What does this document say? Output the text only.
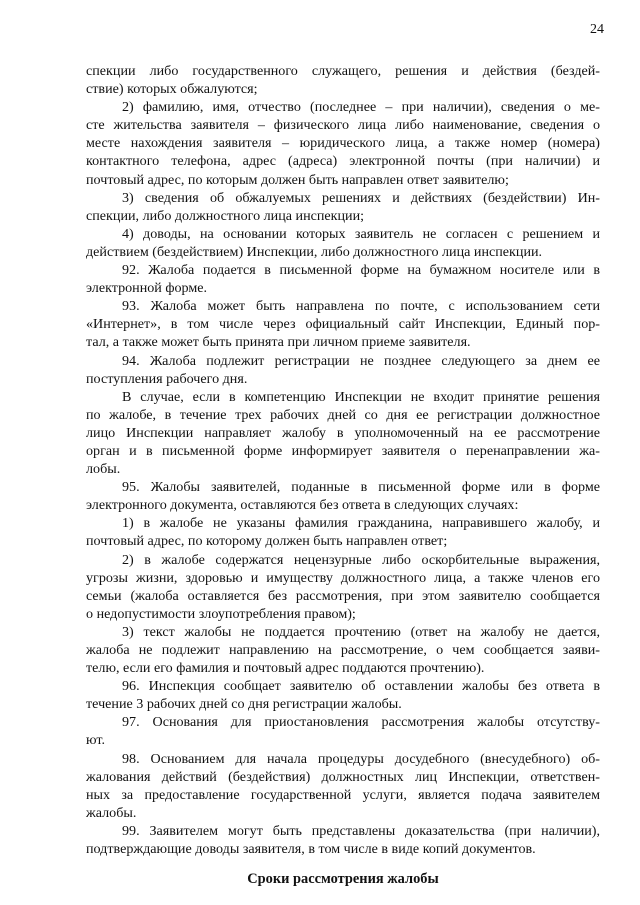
24

спекции либо государственного служащего, решения и действия (бездей-
ствие) которых обжалуются;

2) фамилию, имя, отчество (последнее – при наличии), сведения о ме-
сте жительства заявителя – физического лица либо наименование, сведения о
месте нахождения заявителя – юридического лица, а также номер (номера)
контактного телефона, адрес (адреса) электронной почты (при наличии) и
почтовый адрес, по которым должен быть направлен ответ заявителю;

3) сведения об обжалуемых решениях и действиях (бездействии) Ин-
спекции, либо должностного лица инспекции;

4) доводы, на основании которых заявитель не согласен с решением и
действием (бездействием) Инспекции, либо должностного лица инспекции.

92. Жалоба подается в письменной форме на бумажном носителе или в
электронной форме.

93. Жалоба может быть направлена по почте, с использованием сети
«Интернет», в том числе через официальный сайт Инспекции, Единый пор-
тал, а также может быть принята при личном приеме заявителя.

94. Жалоба подлежит регистрации не позднее следующего за днем ее
поступления рабочего дня.

В случае, если в компетенцию Инспекции не входит принятие решения
по жалобе, в течение трех рабочих дней со дня ее регистрации должностное
лицо Инспекции направляет жалобу в уполномоченный на ее рассмотрение
орган и в письменной форме информирует заявителя о перенаправлении жа-
лобы.

95. Жалобы заявителей, поданные в письменной форме или в форме
электронного документа, оставляются без ответа в следующих случаях:

1) в жалобе не указаны фамилия гражданина, направившего жалобу, и
почтовый адрес, по которому должен быть направлен ответ;

2) в жалобе содержатся нецензурные либо оскорбительные выражения,
угрозы жизни, здоровью и имуществу должностного лица, а также членов его
семьи (жалоба оставляется без рассмотрения, при этом заявителю сообщается
о недопустимости злоупотребления правом);

3) текст жалобы не поддается прочтению (ответ на жалобу не дается,
жалоба не подлежит направлению на рассмотрение, о чем сообщается заяви-
телю, если его фамилия и почтовый адрес поддаются прочтению).

96. Инспекция сообщает заявителю об оставлении жалобы без ответа в
течение 3 рабочих дней со дня регистрации жалобы.

97. Основания для приостановления рассмотрения жалобы отсутству-
ют.

98. Основанием для начала процедуры досудебного (внесудебного) об-
жалования действий (бездействия) должностных лиц Инспекции, ответствен-
ных за предоставление государственной услуги, является подача заявителем
жалобы.

99. Заявителем могут быть представлены доказательства (при наличии),
подтверждающие доводы заявителя, в том числе в виде копий документов.

Сроки рассмотрения жалобы
